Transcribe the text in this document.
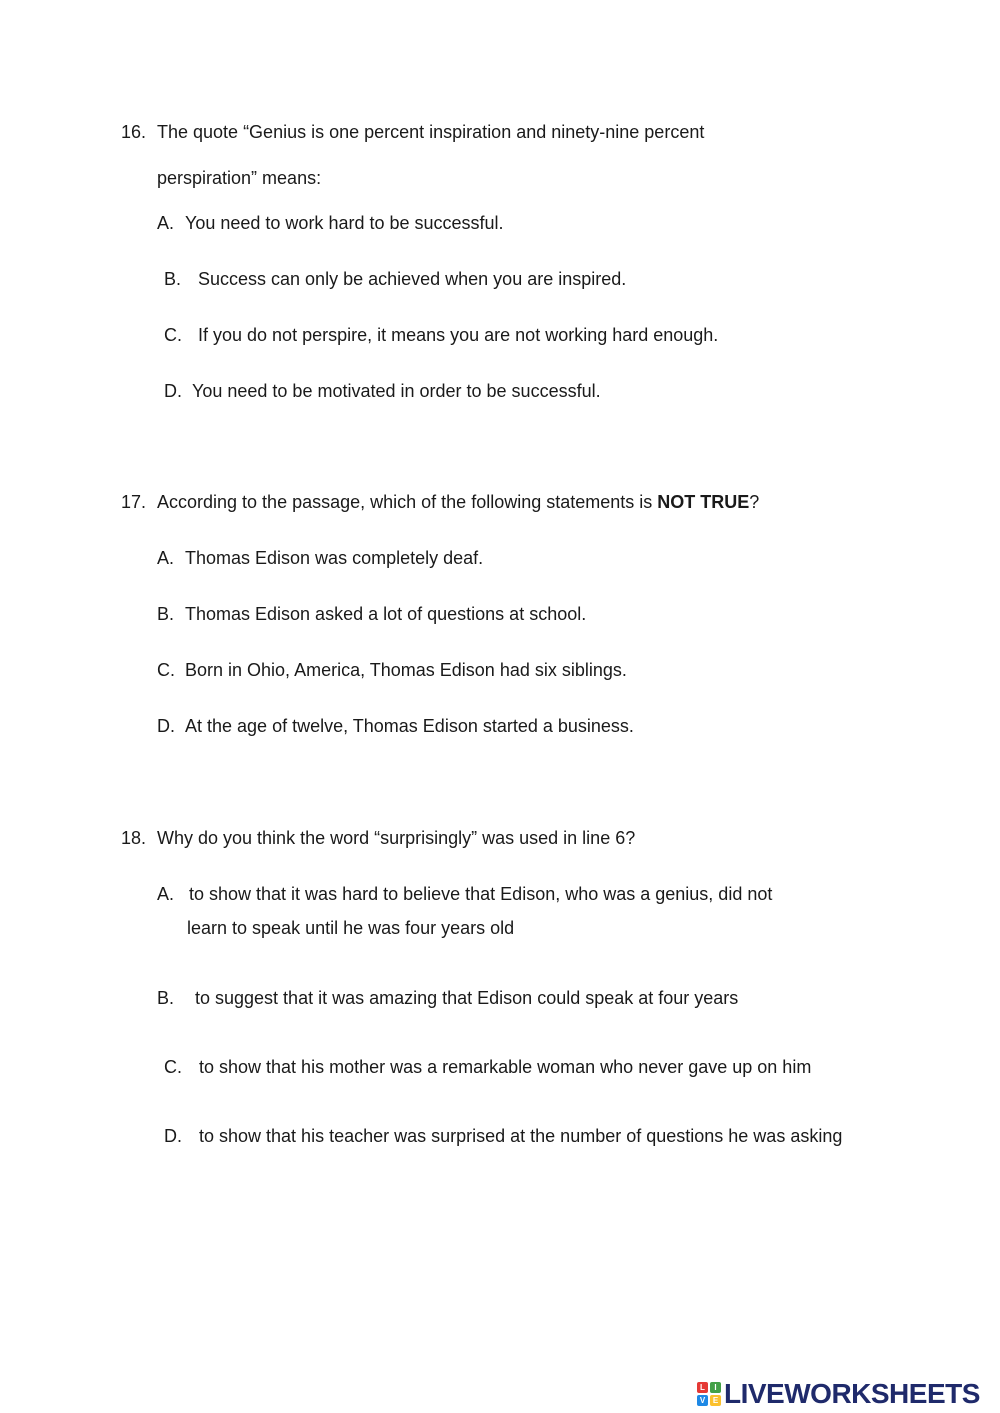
16. The quote “Genius is one percent inspiration and ninety-nine percent
perspiration” means:
A. You need to work hard to be successful.
B. Success can only be achieved when you are inspired.
C. If you do not perspire, it means you are not working hard enough.
D. You need to be motivated in order to be successful.
17. According to the passage, which of the following statements is NOT TRUE?
A. Thomas Edison was completely deaf.
B. Thomas Edison asked a lot of questions at school.
C. Born in Ohio, America, Thomas Edison had six siblings.
D. At the age of twelve, Thomas Edison started a business.
18. Why do you think the word “surprisingly” was used in line 6?
A. to show that it was hard to believe that Edison, who was a genius, did not
learn to speak until he was four years old
B. to suggest that it was amazing that Edison could speak at four years
C. to show that his mother was a remarkable woman who never gave up on him
D. to show that his teacher was surprised at the number of questions he was asking
L	I
V E LIVEWORKSHEETS
